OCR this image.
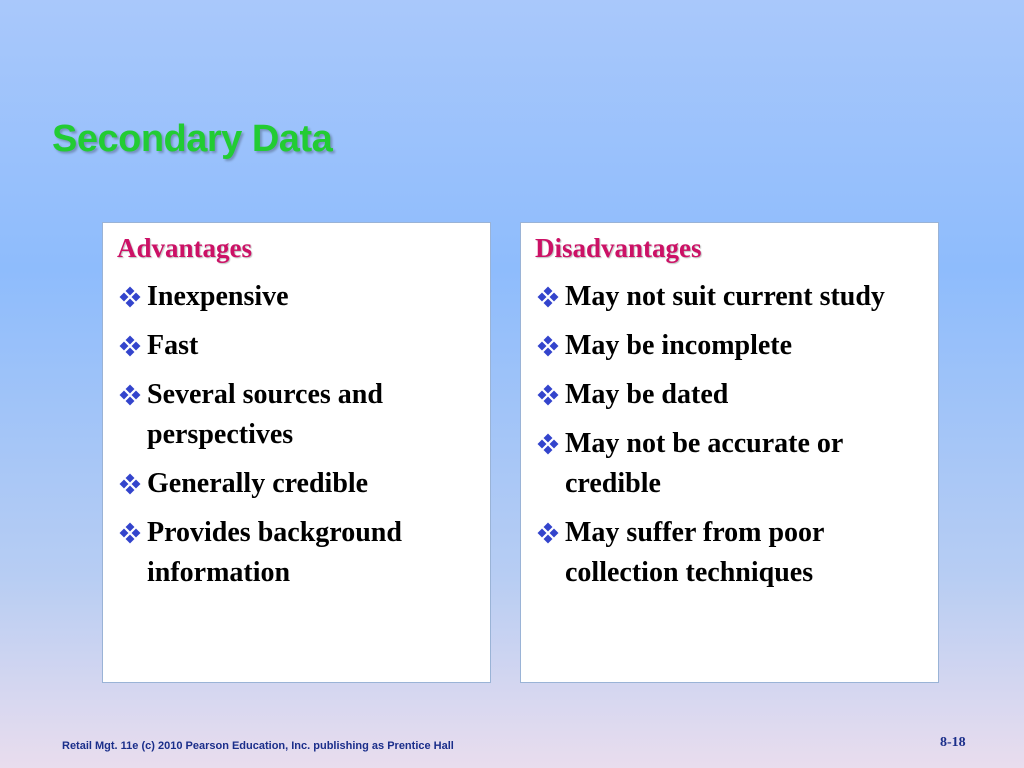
Secondary Data
Advantages
Inexpensive
Fast
Several sources and perspectives
Generally credible
Provides background information
Disadvantages
May not suit current study
May be incomplete
May be dated
May not be accurate or credible
May suffer from poor collection techniques
Retail Mgt. 11e (c) 2010 Pearson Education, Inc. publishing as Prentice Hall	8-18
